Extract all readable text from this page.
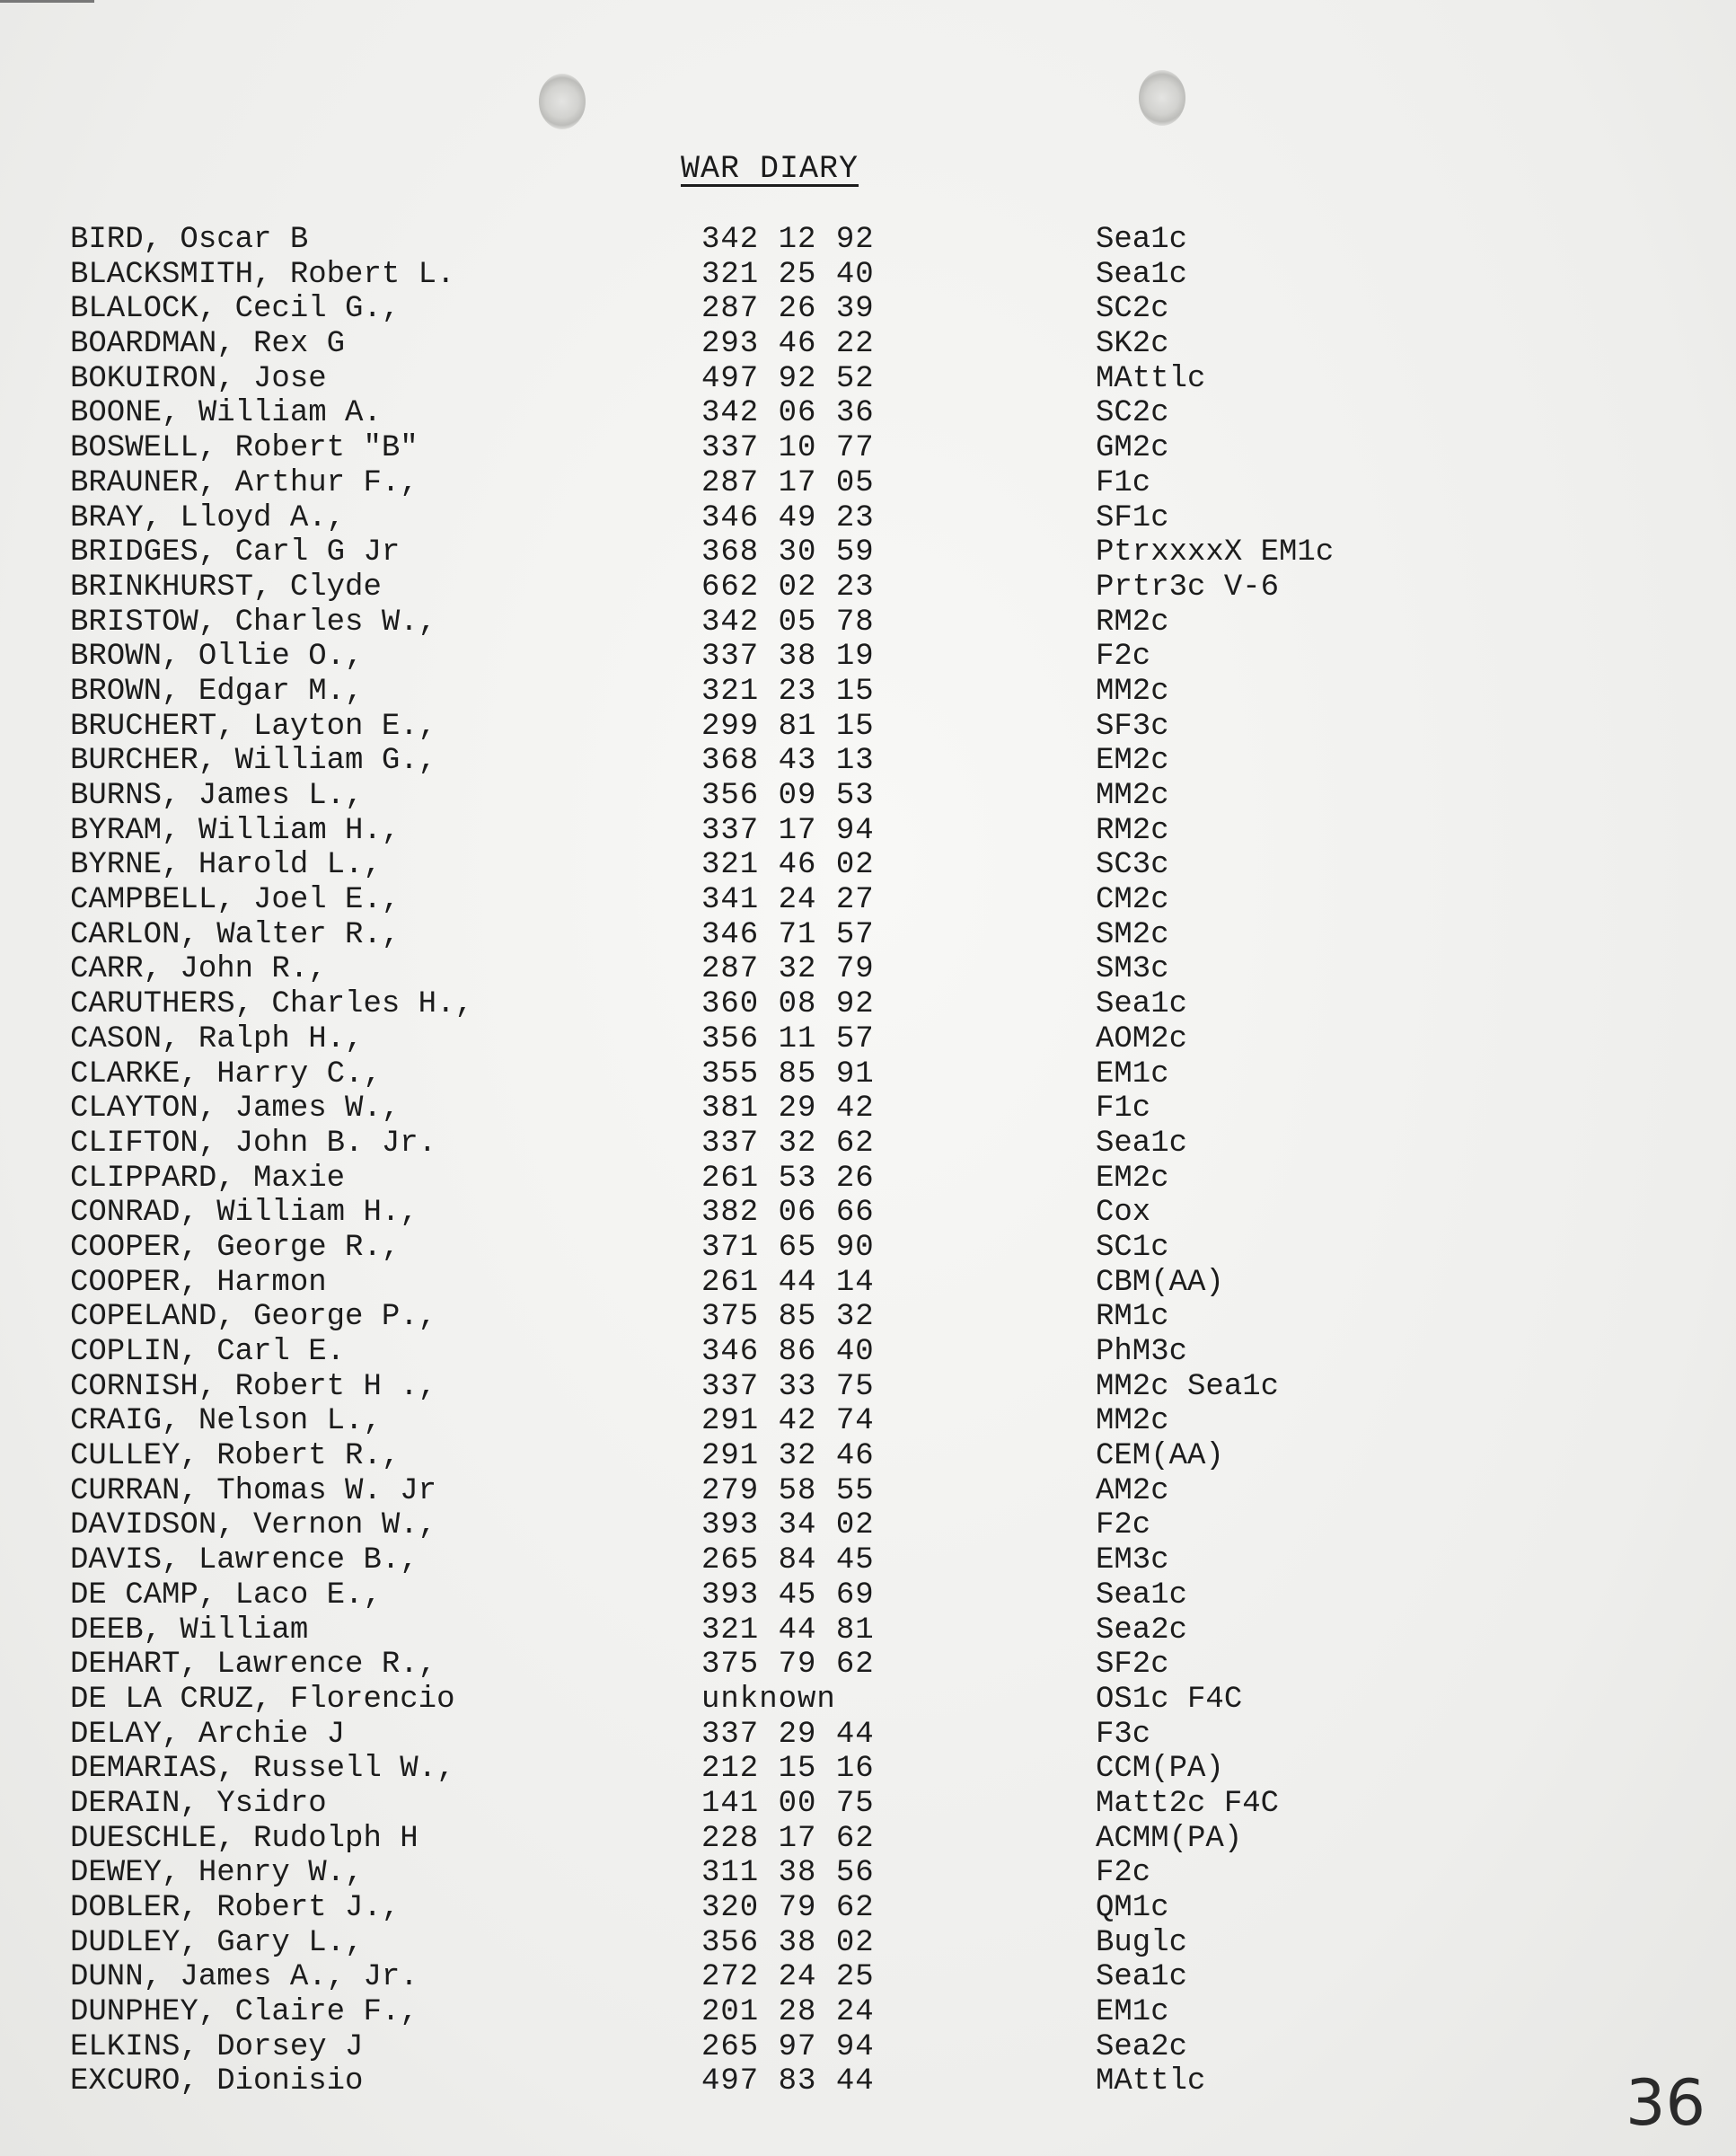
WAR DIARY
BIRD, Oscar B	342 12 92	Sea1c
BLACKSMITH, Robert L.	321 25 40	Sea1c
BLALOCK, Cecil G.,	287 26 39	SC2c
BOARDMAN, Rex G	293 46 22	SK2c
BOKUIRON, Jose	497 92 52	MAttlc
BOONE, William A.	342 06 36	SC2c
BOSWELL, Robert "B"	337 10 77	GM2c
BRAUNER, Arthur F.,	287 17 05	F1c
BRAY, Lloyd A.,	346 49 23	SF1c
BRIDGES, Carl G Jr	368 30 59	PtrxxxxX EM1c
BRINKHURST, Clyde	662 02 23	Prtr3c V-6
BRISTOW, Charles W.,	342 05 78	RM2c
BROWN, Ollie O.,	337 38 19	F2c
BROWN, Edgar M.,	321 23 15	MM2c
BRUCHERT, Layton E.,	299 81 15	SF3c
BURCHER, William G.,	368 43 13	EM2c
BURNS, James L.,	356 09 53	MM2c
BYRAM, William H.,	337 17 94	RM2c
BYRNE, Harold L.,	321 46 02	SC3c
CAMPBELL, Joel E.,	341 24 27	CM2c
CARLON, Walter R.,	346 71 57	SM2c
CARR, John R.,	287 32 79	SM3c
CARUTHERS, Charles H.,	360 08 92	Sea1c
CASON, Ralph H.,	356 11 57	AOM2c
CLARKE, Harry C.,	355 85 91	EM1c
CLAYTON, James W.,	381 29 42	F1c
CLIFTON, John B. Jr.	337 32 62	Sea1c
CLIPPARD, Maxie	261 53 26	EM2c
CONRAD, William H.,	382 06 66	Cox
COOPER, George R.,	371 65 90	SC1c
COOPER, Harmon	261 44 14	CBM(AA)
COPELAND, George P.,	375 85 32	RM1c
COPLIN, Carl E.	346 86 40	PhM3c
CORNISH, Robert H .,	337 33 75	MM2c Sea1c
CRAIG, Nelson L.,	291 42 74	MM2c
CULLEY, Robert R.,	291 32 46	CEM(AA)
CURRAN, Thomas W. Jr	279 58 55	AM2c
DAVIDSON, Vernon W.,	393 34 02	F2c
DAVIS, Lawrence B.,	265 84 45	EM3c
DE CAMP, Laco E.,	393 45 69	Sea1c
DEEB, William	321 44 81	Sea2c
DEHART, Lawrence R.,	375 79 62	SF2c
DE LA CRUZ, Florencio	unknown	OS1c F4C
DELAY, Archie J	337 29 44	F3c
DEMARIAS, Russell W.,	212 15 16	CCM(PA)
DERAIN, Ysidro	141 00 75	Matt2c F4C
DUESCHLE, Rudolph H	228 17 62	ACMM(PA)
DEWEY, Henry W.,	311 38 56	F2c
DOBLER, Robert J.,	320 79 62	QM1c
DUDLEY, Gary L.,	356 38 02	Buglc
DUNN, James A., Jr.	272 24 25	Sea1c
DUNPHEY, Claire F.,	201 28 24	EM1c
ELKINS, Dorsey J	265 97 94	Sea2c
EXCURO, Dionisio	497 83 44	MAttlc	36
